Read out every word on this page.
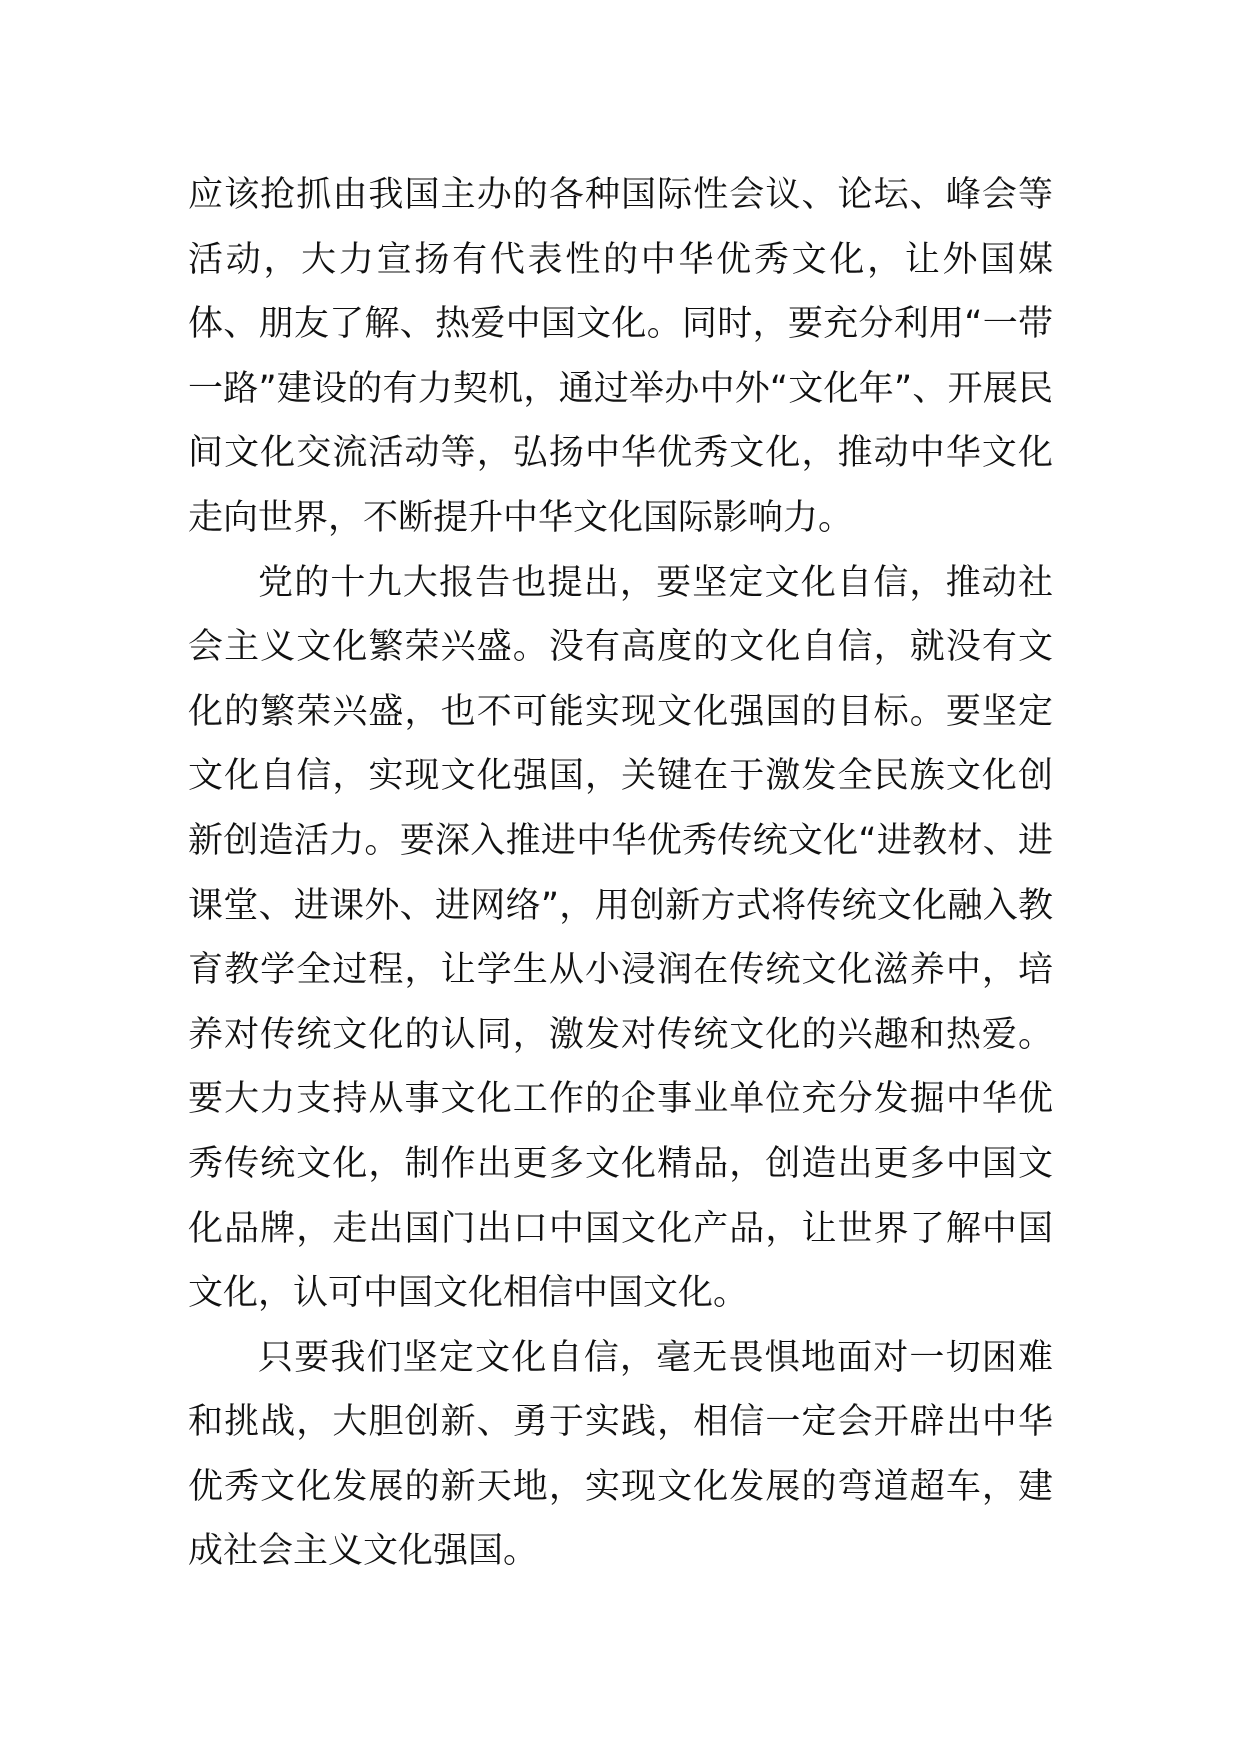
应该抢抓由我国主办的各种国际性会议、论坛、峰会等活动，大力宣扬有代表性的中华优秀文化，让外国媒体、朋友了解、热爱中国文化。同时，要充分利用“一带一路”建设的有力契机，通过举办中外“文化年”、开展民间文化交流活动等，弘扬中华优秀文化，推动中华文化走向世界，不断提升中华文化国际影响力。

党的十九大报告也提出，要坚定文化自信，推动社会主义文化繁荣兴盛。没有高度的文化自信，就没有文化的繁荣兴盛，也不可能实现文化强国的目标。要坚定文化自信，实现文化强国，关键在于激发全民族文化创新创造活力。要深入推进中华优秀传统文化“进教材、进课堂、进课外、进网络”，用创新方式将传统文化融入教育教学全过程，让学生从小浸润在传统文化滋养中，培养对传统文化的认同，激发对传统文化的兴趣和热爱。要大力支持从事文化工作的企事业单位充分发掘中华优秀传统文化，制作出更多文化精品，创造出更多中国文化品牌，走出国门出口中国文化产品，让世界了解中国文化，认可中国文化相信中国文化。

只要我们坚定文化自信，毫无畏惧地面对一切困难和挑战，大胆创新、勇于实践，相信一定会开辟出中华优秀文化发展的新天地，实现文化发展的弯道超车，建成社会主义文化强国。
